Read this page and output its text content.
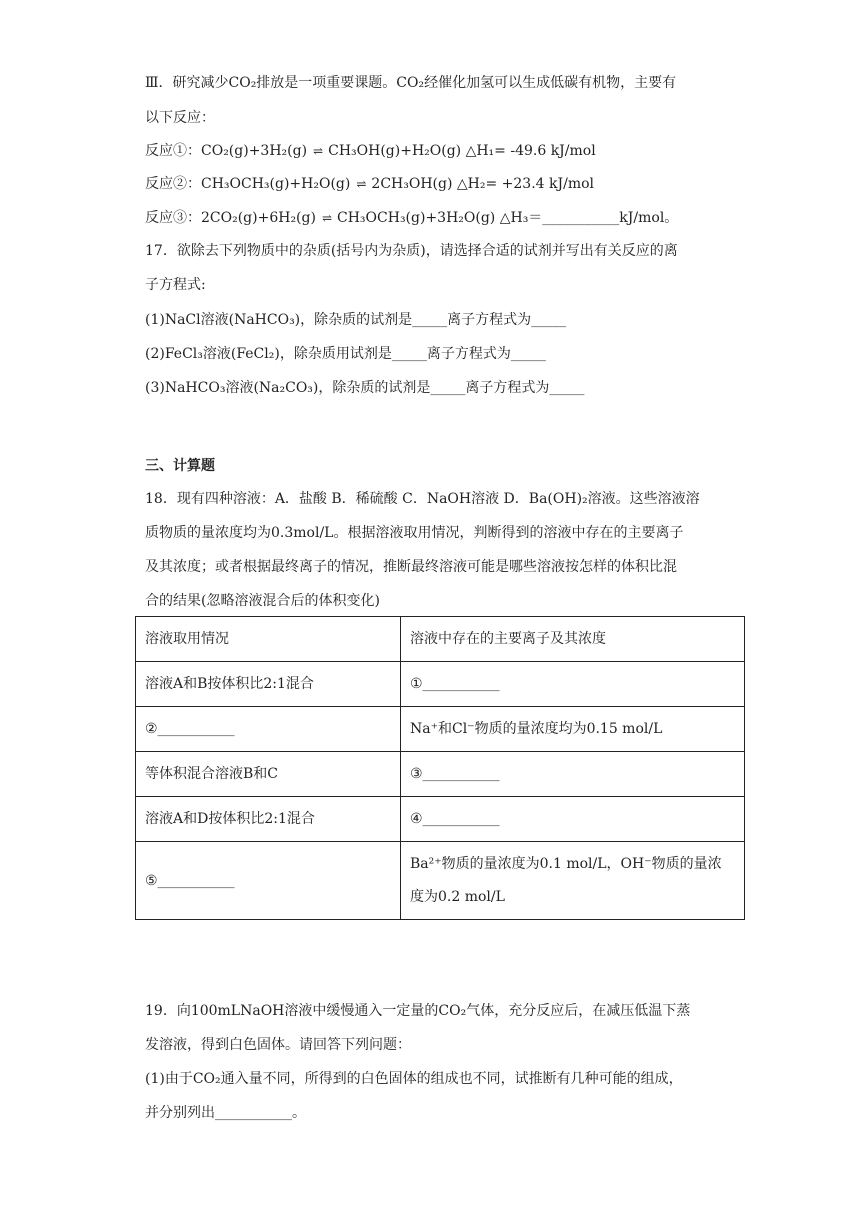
Ⅲ．研究减少CO₂排放是一项重要课题。CO₂经催化加氢可以生成低碳有机物，主要有
以下反应：
反应①：CO₂(g)+3H₂(g) ⇌ CH₃OH(g)+H₂O(g) △H₁= -49.6 kJ/mol
反应②：CH₃OCH₃(g)+H₂O(g) ⇌ 2CH₃OH(g) △H₂= +23.4 kJ/mol
反应③：2CO₂(g)+6H₂(g) ⇌ CH₃OCH₃(g)+3H₂O(g) △H₃＝___________kJ/mol。
17．欲除去下列物质中的杂质(括号内为杂质)，请选择合适的试剂并写出有关反应的离
子方程式:
(1)NaCl溶液(NaHCO₃)，除杂质的试剂是_____离子方程式为_____
(2)FeCl₃溶液(FeCl₂)，除杂质用试剂是_____离子方程式为_____
(3)NaHCO₃溶液(Na₂CO₃)，除杂质的试剂是_____离子方程式为_____
三、计算题
18．现有四种溶液：A．盐酸 B．稀硫酸 C．NaOH溶液 D．Ba(OH)₂溶液。这些溶液溶
质物质的量浓度均为0.3mol/L。根据溶液取用情况，判断得到的溶液中存在的主要离子
及其浓度；或者根据最终离子的情况，推断最终溶液可能是哪些溶液按怎样的体积比混
合的结果(忽略溶液混合后的体积变化)
溶液取用情况	溶液中存在的主要离子及其浓度
溶液A和B按体积比2:1混合	①___________
②___________	Na⁺和Cl⁻物质的量浓度均为0.15 mol/L
等体积混合溶液B和C	③___________
溶液A和D按体积比2:1混合	④___________
⑤___________	Ba²⁺物质的量浓度为0.1 mol/L，OH⁻物质的量浓度为0.2 mol/L
19．向100mLNaOH溶液中缓慢通入一定量的CO₂气体，充分反应后，在减压低温下蒸
发溶液，得到白色固体。请回答下列问题：
(1)由于CO₂通入量不同，所得到的白色固体的组成也不同，试推断有几种可能的组成，
并分别列出___________。
